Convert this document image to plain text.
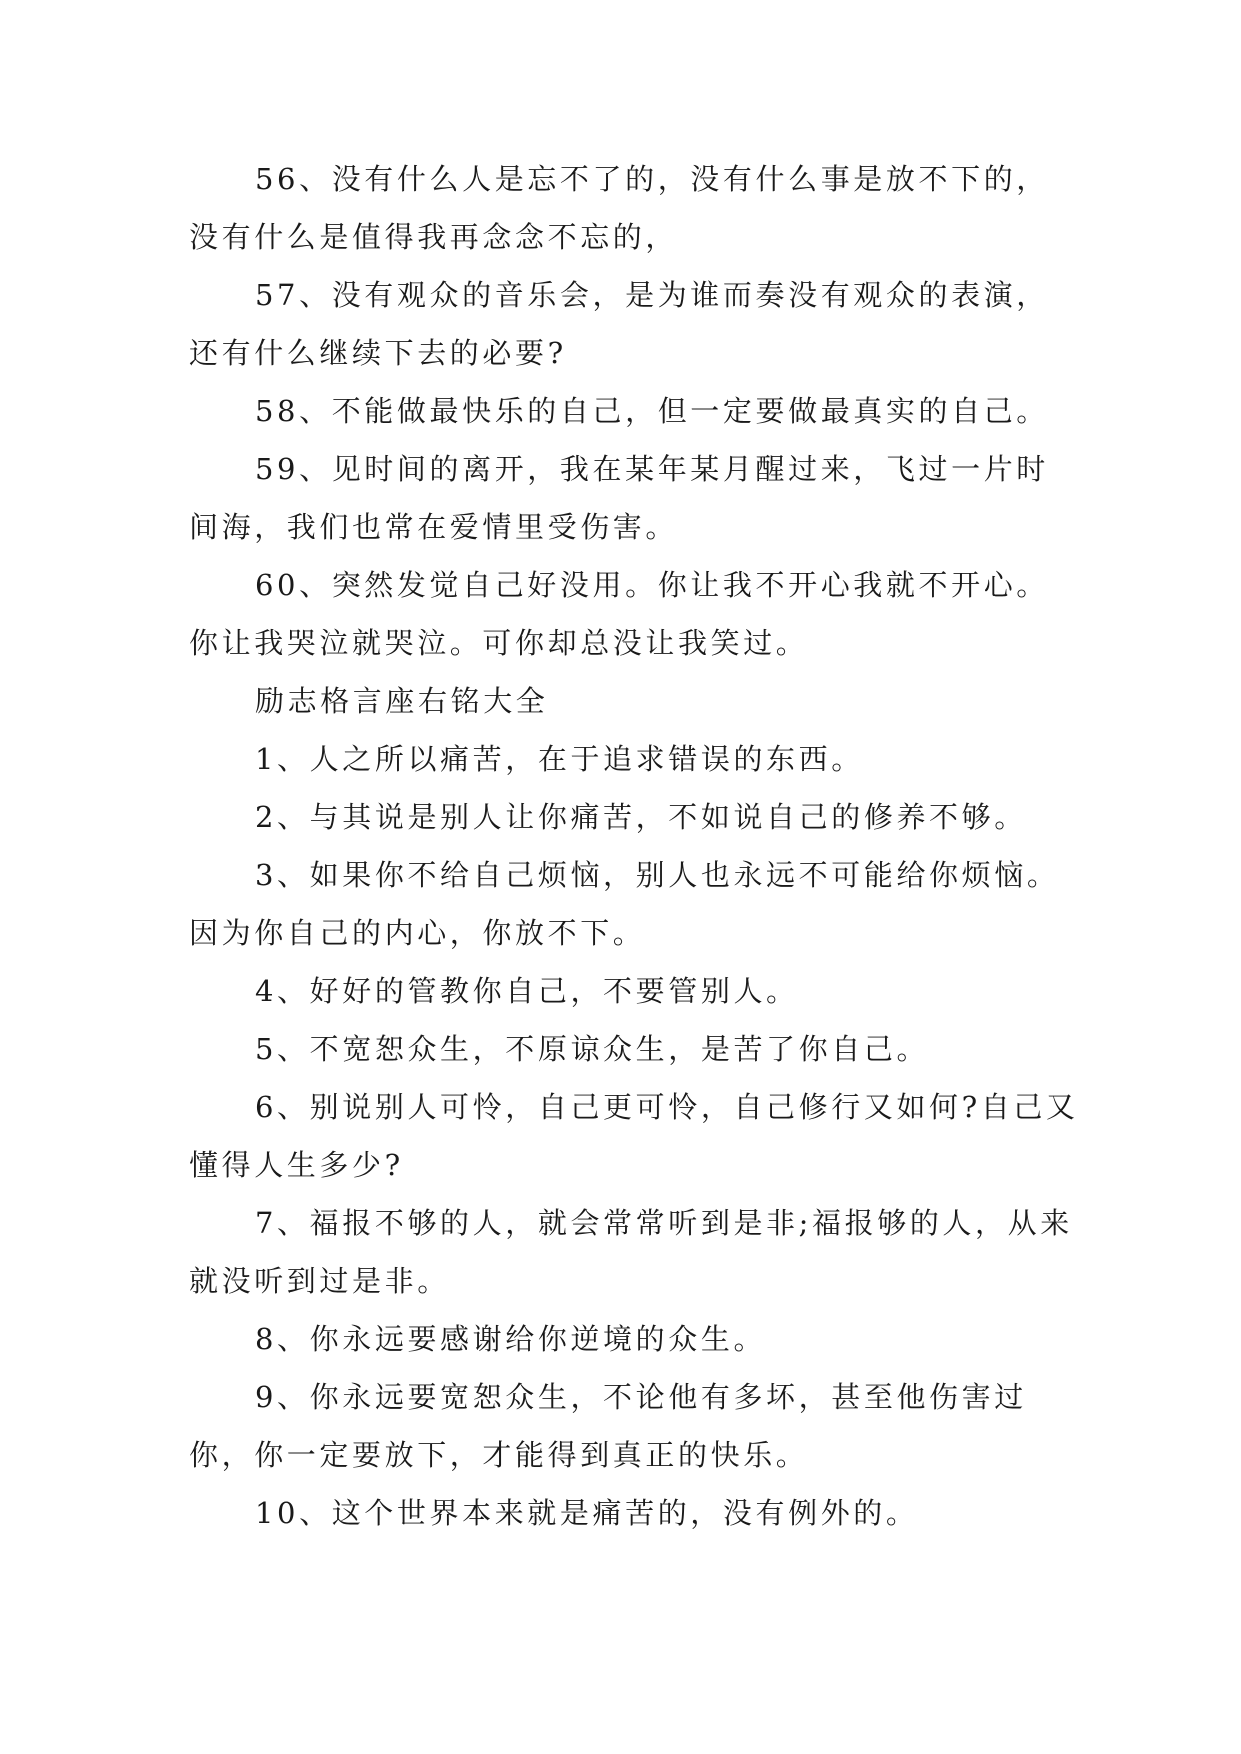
56、没有什么人是忘不了的，没有什么事是放不下的，没有什么是值得我再念念不忘的，

57、没有观众的音乐会，是为谁而奏没有观众的表演，还有什么继续下去的必要?

58、不能做最快乐的自己，但一定要做最真实的自己。

59、见时间的离开，我在某年某月醒过来，飞过一片时间海，我们也常在爱情里受伤害。

60、突然发觉自己好没用。你让我不开心我就不开心。你让我哭泣就哭泣。可你却总没让我笑过。

励志格言座右铭大全

1、人之所以痛苦，在于追求错误的东西。

2、与其说是别人让你痛苦，不如说自己的修养不够。

3、如果你不给自己烦恼，别人也永远不可能给你烦恼。因为你自己的内心，你放不下。

4、好好的管教你自己，不要管别人。

5、不宽恕众生，不原谅众生，是苦了你自己。

6、别说别人可怜，自己更可怜，自己修行又如何?自己又懂得人生多少?

7、福报不够的人，就会常常听到是非;福报够的人，从来就没听到过是非。

8、你永远要感谢给你逆境的众生。

9、你永远要宽恕众生，不论他有多坏，甚至他伤害过你，你一定要放下，才能得到真正的快乐。

10、这个世界本来就是痛苦的，没有例外的。
